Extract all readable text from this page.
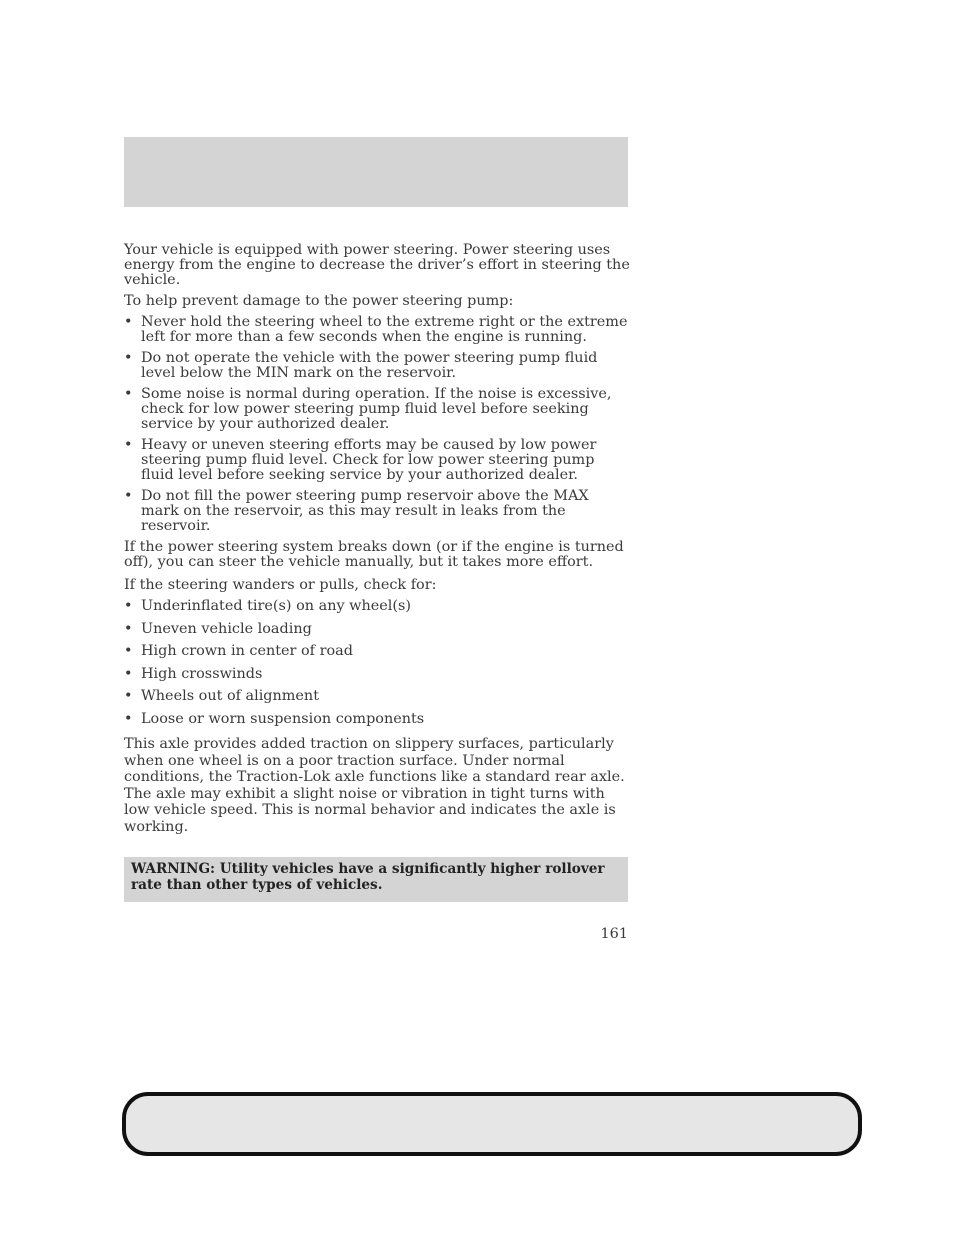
Your vehicle is equipped with power steering. Power steering uses energy from the engine to decrease the driver’s effort in steering the vehicle.

To help prevent damage to the power steering pump:

• Never hold the steering wheel to the extreme right or the extreme left for more than a few seconds when the engine is running.
• Do not operate the vehicle with the power steering pump fluid level below the MIN mark on the reservoir.
• Some noise is normal during operation. If the noise is excessive, check for low power steering pump fluid level before seeking service by your authorized dealer.
• Heavy or uneven steering efforts may be caused by low power steering pump fluid level. Check for low power steering pump fluid level before seeking service by your authorized dealer.
• Do not fill the power steering pump reservoir above the MAX mark on the reservoir, as this may result in leaks from the reservoir.

If the power steering system breaks down (or if the engine is turned off), you can steer the vehicle manually, but it takes more effort.

If the steering wanders or pulls, check for:

• Underinflated tire(s) on any wheel(s)
• Uneven vehicle loading
• High crown in center of road
• High crosswinds
• Wheels out of alignment
• Loose or worn suspension components

This axle provides added traction on slippery surfaces, particularly when one wheel is on a poor traction surface. Under normal conditions, the Traction-Lok axle functions like a standard rear axle. The axle may exhibit a slight noise or vibration in tight turns with low vehicle speed. This is normal behavior and indicates the axle is working.

WARNING: Utility vehicles have a significantly higher rollover rate than other types of vehicles.
161
